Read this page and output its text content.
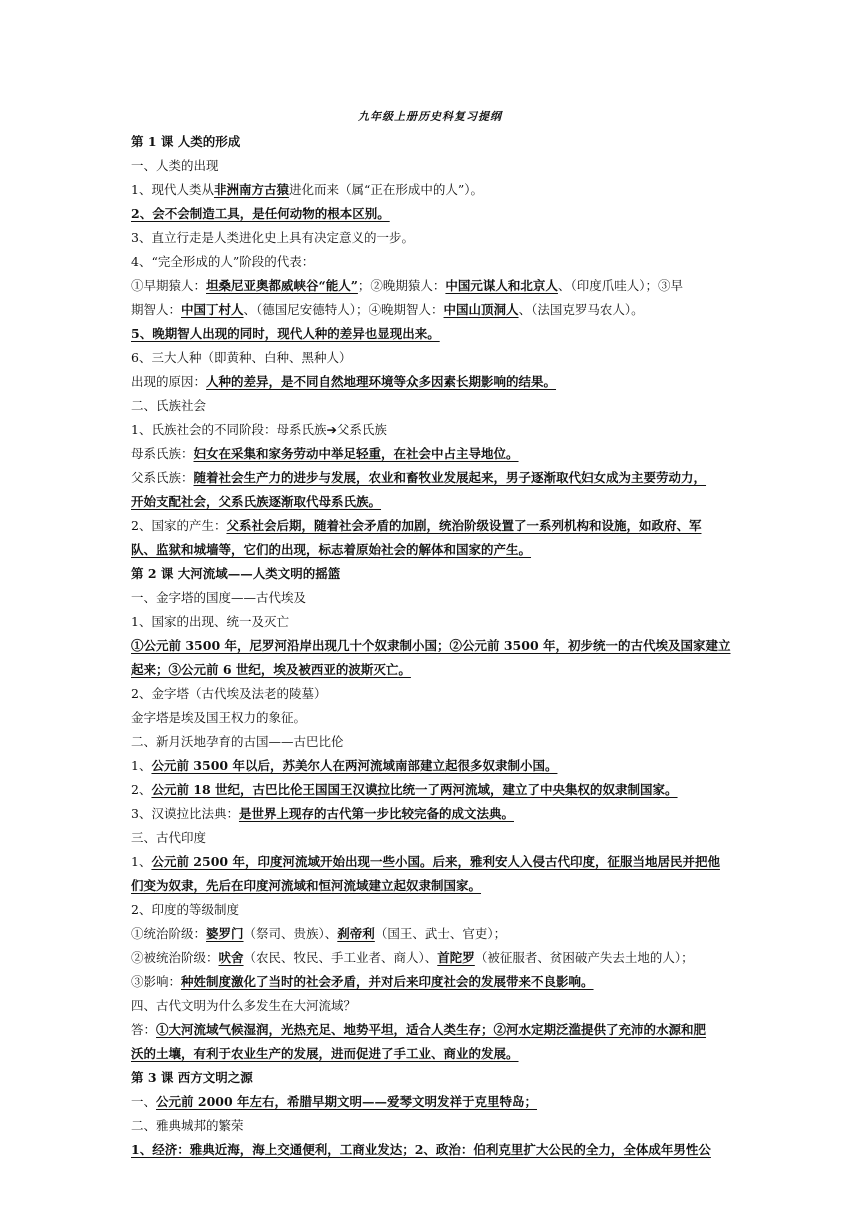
九年级上册历史科复习提纲
第 1 课 人类的形成
一、人类的出现
1、现代人类从非洲南方古猿进化而来（属“正在形成中的人”）。
2、会不会制造工具，是任何动物的根本区别。
3、直立行走是人类进化史上具有决定意义的一步。
4、“完全形成的人”阶段的代表：
①早期猿人：坦桑尼亚奥都威峡谷“能人”；②晚期猿人：中国元谋人和北京人、（印度爪哇人）；③早
期智人：中国丁村人、（德国尼安德特人）；④晚期智人：中国山顶洞人、（法国克罗马农人）。
5、晚期智人出现的同时，现代人种的差异也显现出来。
6、三大人种（即黄种、白种、黑种人）
出现的原因：人种的差异，是不同自然地理环境等众多因素长期影响的结果。
二、氏族社会
1、氏族社会的不同阶段：母系氏族➔父系氏族
母系氏族：妇女在采集和家务劳动中举足轻重，在社会中占主导地位。
父系氏族：随着社会生产力的进步与发展，农业和畜牧业发展起来，男子逐渐取代妇女成为主要劳动力，
开始支配社会，父系氏族逐渐取代母系氏族。
2、国家的产生：父系社会后期，随着社会矛盾的加剧，统治阶级设置了一系列机构和设施，如政府、军
队、监狱和城墙等，它们的出现，标志着原始社会的解体和国家的产生。
第 2 课 大河流域——人类文明的摇篮
一、金字塔的国度——古代埃及
1、国家的出现、统一及灭亡
①公元前 3500 年，尼罗河沿岸出现几十个奴隶制小国；②公元前 3500 年，初步统一的古代埃及国家建立
起来；③公元前 6 世纪，埃及被西亚的波斯灭亡。
2、金字塔（古代埃及法老的陵墓）
金字塔是埃及国王权力的象征。
二、新月沃地孕育的古国——古巴比伦
1、公元前 3500 年以后，苏美尔人在两河流域南部建立起很多奴隶制小国。
2、公元前 18 世纪，古巴比伦王国国王汉谟拉比统一了两河流域，建立了中央集权的奴隶制国家。
3、汉谟拉比法典：是世界上现存的古代第一步比较完备的成文法典。
三、古代印度
1、公元前 2500 年，印度河流域开始出现一些小国。后来，雅利安人入侵古代印度，征服当地居民并把他
们变为奴隶，先后在印度河流域和恒河流域建立起奴隶制国家。
2、印度的等级制度
①统治阶级：婆罗门（祭司、贵族）、刹帝利（国王、武士、官吏）；
②被统治阶级：吠舍（农民、牧民、手工业者、商人）、首陀罗（被征服者、贫困破产失去土地的人）；
③影响：种姓制度激化了当时的社会矛盾，并对后来印度社会的发展带来不良影响。
四、古代文明为什么多发生在大河流域？
答：①大河流域气候湿润，光热充足、地势平坦，适合人类生存；②河水定期泛滥提供了充沛的水源和肥
沃的土壤，有利于农业生产的发展，进而促进了手工业、商业的发展。
第 3 课 西方文明之源
一、公元前 2000 年左右，希腊早期文明——爱琴文明发祥于克里特岛；
二、雅典城邦的繁荣
1、经济：雅典近海，海上交通便利，工商业发达；2、政治：伯利克里扩大公民的全力，全体成年男性公
